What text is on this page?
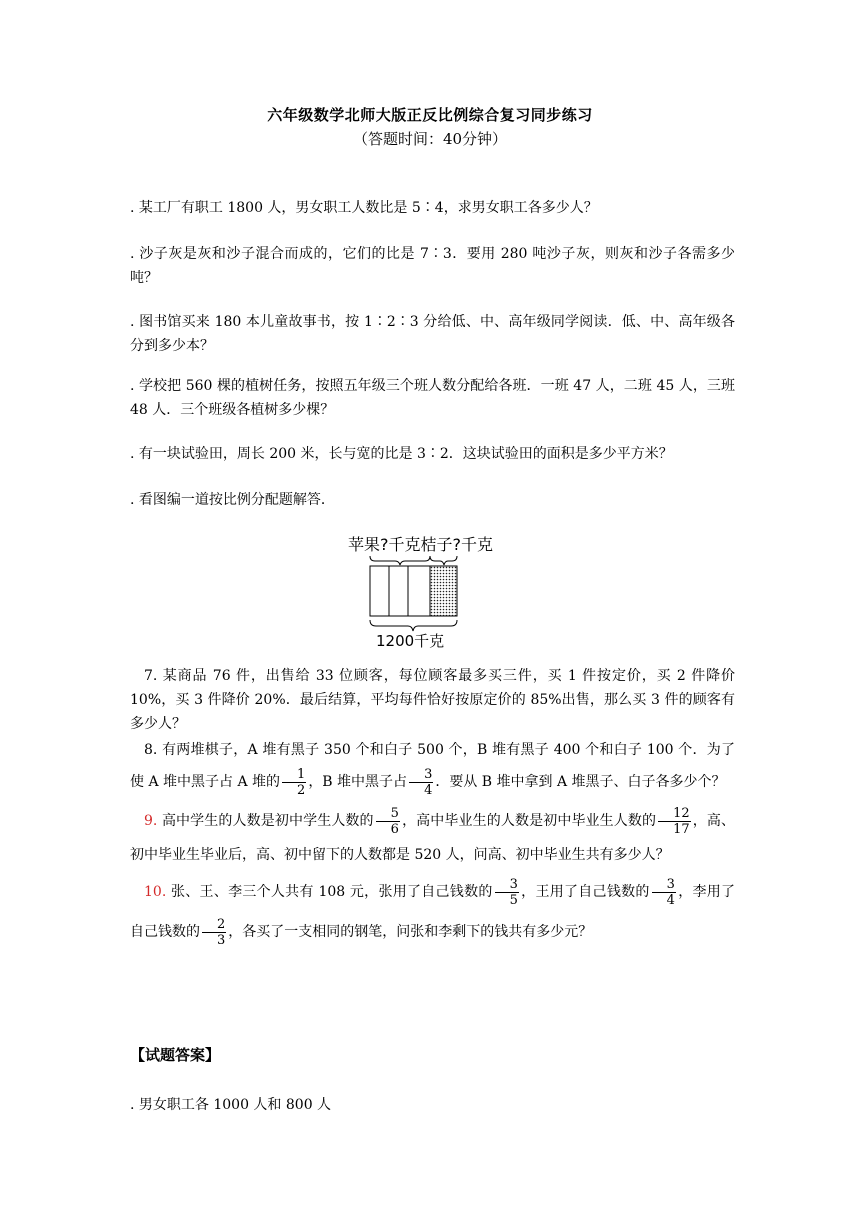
六年级数学北师大版正反比例综合复习同步练习
（答题时间：40分钟）
. 某工厂有职工 1800 人，男女职工人数比是 5∶4，求男女职工各多少人？
. 沙子灰是灰和沙子混合而成的，它们的比是 7∶3．要用 280 吨沙子灰，则灰和沙子各需多少吨？
. 图书馆买来 180 本儿童故事书，按 1∶2∶3 分给低、中、高年级同学阅读．低、中、高年级各分到多少本？
. 学校把 560 棵的植树任务，按照五年级三个班人数分配给各班．一班 47 人，二班 45 人，三班 48 人．三个班级各植树多少棵？
. 有一块试验田，周长 200 米，长与宽的比是 3∶2．这块试验田的面积是多少平方米？
. 看图编一道按比例分配题解答．
苹果?千克桔子?千克
1200千克

7. 某商品 76 件，出售给 33 位顾客，每位顾客最多买三件，买 1 件按定价，买 2 件降价 10%，买 3 件降价 20%．最后结算，平均每件恰好按原定价的 85%出售，那么买 3 件的顾客有多少人？

8. 有两堆棋子，A 堆有黑子 350 个和白子 500 个，B 堆有黑子 400 个和白子 100 个．为了使 A 堆中黑子占 A 堆的 $\frac{1}{2}$ ，B 堆中黑子占 $\frac{3}{4}$ ．要从 B 堆中拿到 A 堆黑子、白子各多少个？

9. 高中学生的人数是初中学生人数的 $\frac{5}{6}$ ，高中毕业生的人数是初中毕业生人数的 $\frac{12}{17}$ ，高、初中毕业生毕业后，高、初中留下的人数都是 520 人，问高、初中毕业生共有多少人？

10. 张、王、李三个人共有 108 元，张用了自己钱数的 $\frac{3}{5}$ ，王用了自己钱数的 $\frac{3}{4}$ ，李用了自己钱数的 $\frac{2}{3}$ ，各买了一支相同的钢笔，问张和李剩下的钱共有多少元？

【试题答案】
. 男女职工各 1000 人和 800 人
